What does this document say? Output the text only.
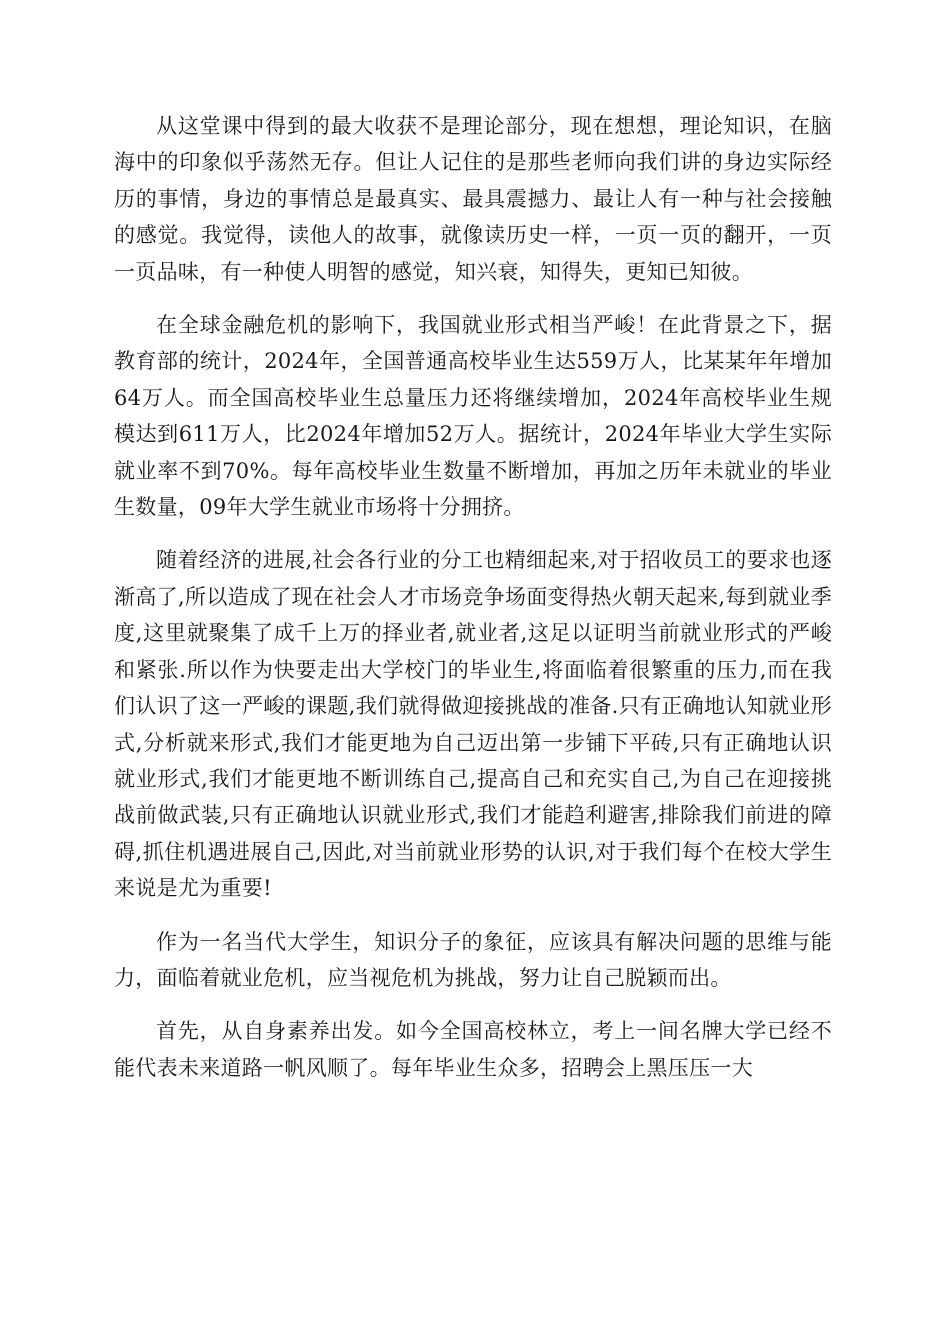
从这堂课中得到的最大收获不是理论部分，现在想想，理论知识，在脑海中的印象似乎荡然无存。但让人记住的是那些老师向我们讲的身边实际经历的事情，身边的事情总是最真实、最具震撼力、最让人有一种与社会接触的感觉。我觉得，读他人的故事，就像读历史一样，一页一页的翻开，一页一页品味，有一种使人明智的感觉，知兴衰，知得失，更知已知彼。

在全球金融危机的影响下，我国就业形式相当严峻！在此背景之下，据教育部的统计，2024年，全国普通高校毕业生达559万人，比某某年年增加64万人。而全国高校毕业生总量压力还将继续增加，2024年高校毕业生规模达到611万人，比2024年增加52万人。据统计，2024年毕业大学生实际就业率不到70%。每年高校毕业生数量不断增加，再加之历年未就业的毕业生数量，09年大学生就业市场将十分拥挤。

随着经济的进展,社会各行业的分工也精细起来,对于招收员工的要求也逐渐高了,所以造成了现在社会人才市场竞争场面变得热火朝天起来,每到就业季度,这里就聚集了成千上万的择业者,就业者,这足以证明当前就业形式的严峻和紧张.所以作为快要走出大学校门的毕业生,将面临着很繁重的压力,而在我们认识了这一严峻的课题,我们就得做迎接挑战的准备.只有正确地认知就业形式,分析就来形式,我们才能更地为自己迈出第一步铺下平砖,只有正确地认识就业形式,我们才能更地不断训练自己,提高自己和充实自己,为自己在迎接挑战前做武装,只有正确地认识就业形式,我们才能趋利避害,排除我们前进的障碍,抓住机遇进展自己,因此,对当前就业形势的认识,对于我们每个在校大学生来说是尤为重要!

作为一名当代大学生，知识分子的象征，应该具有解决问题的思维与能力，面临着就业危机，应当视危机为挑战，努力让自己脱颖而出。

首先，从自身素养出发。如今全国高校林立，考上一间名牌大学已经不能代表未来道路一帆风顺了。每年毕业生众多，招聘会上黑压压一大
